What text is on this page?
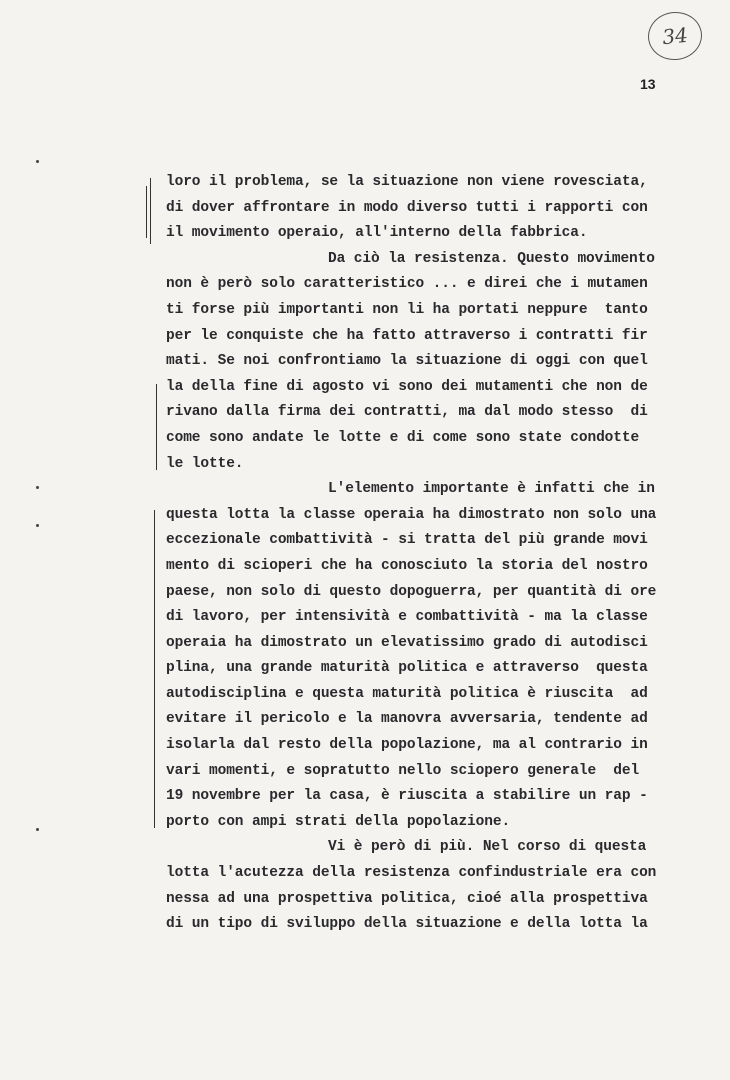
34
13
loro il problema, se la situazione non viene rovesciata,
di dover affrontare in modo diverso tutti i rapporti con
il movimento operaio, all'interno della fabbrica.
Da ciò la resistenza. Questo movimento
non è però solo caratteristico ... e direi che i mutamen
ti forse più importanti non li ha portati neppure  tanto
per le conquiste che ha fatto attraverso i contratti fir
mati. Se noi confrontiamo la situazione di oggi con quel
la della fine di agosto vi sono dei mutamenti che non de
rivano dalla firma dei contratti, ma dal modo stesso  di
come sono andate le lotte e di come sono state condotte
le lotte.
L'elemento importante è infatti che in
questa lotta la classe operaia ha dimostrato non solo una
eccezionale combattività - si tratta del più grande movi
mento di scioperi che ha conosciuto la storia del nostro
paese, non solo di questo dopoguerra, per quantità di ore
di lavoro, per intensività e combattività - ma la classe
operaia ha dimostrato un elevatissimo grado di autodisci
plina, una grande maturità politica e attraverso  questa
autodisciplina e questa maturità politica è riuscita  ad
evitare il pericolo e la manovra avversaria, tendente ad
isolarla dal resto della popolazione, ma al contrario in
vari momenti, e sopratutto nello sciopero generale  del
19 novembre per la casa, è riuscita a stabilire un rap -
porto con ampi strati della popolazione.
Vi è però di più. Nel corso di questa
lotta l'acutezza della resistenza confindustriale era con
nessa ad una prospettiva politica, cioé alla prospettiva
di un tipo di sviluppo della situazione e della lotta la
